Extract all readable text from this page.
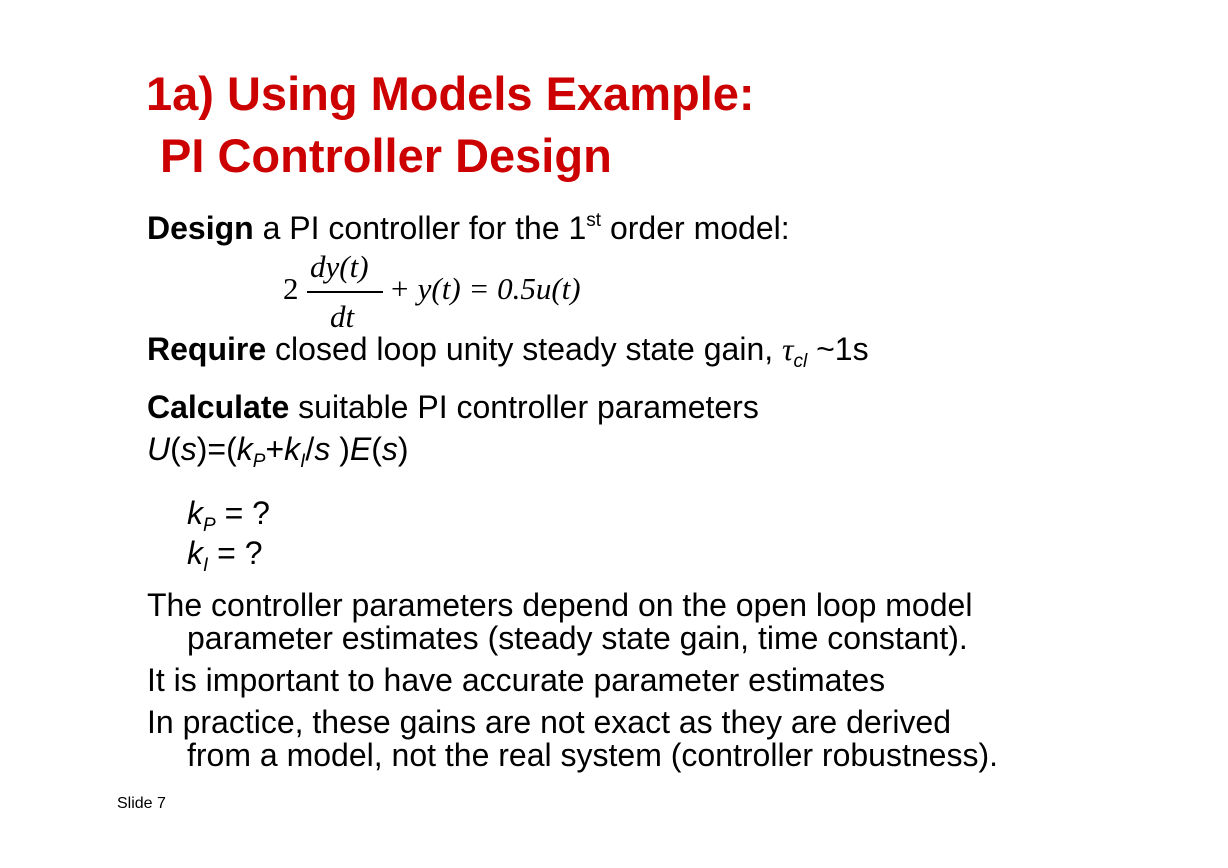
1a) Using Models Example:
PI Controller Design
Design a PI controller for the 1st order model:
2
dy(t)
dt
+ y(t) = 0.5u(t)
Require closed loop unity steady state gain, $\tau_{cl}$ ~1s
Calculate suitable PI controller parameters
$U(s)=(k_P+k_I/s$ )E(s)
$k_P$ = ?
$k_I$ = ?
The controller parameters depend on the open loop model
parameter estimates (steady state gain, time constant).
It is important to have accurate parameter estimates
In practice, these gains are not exact as they are derived
from a model, not the real system (controller robustness).
Slide 7
